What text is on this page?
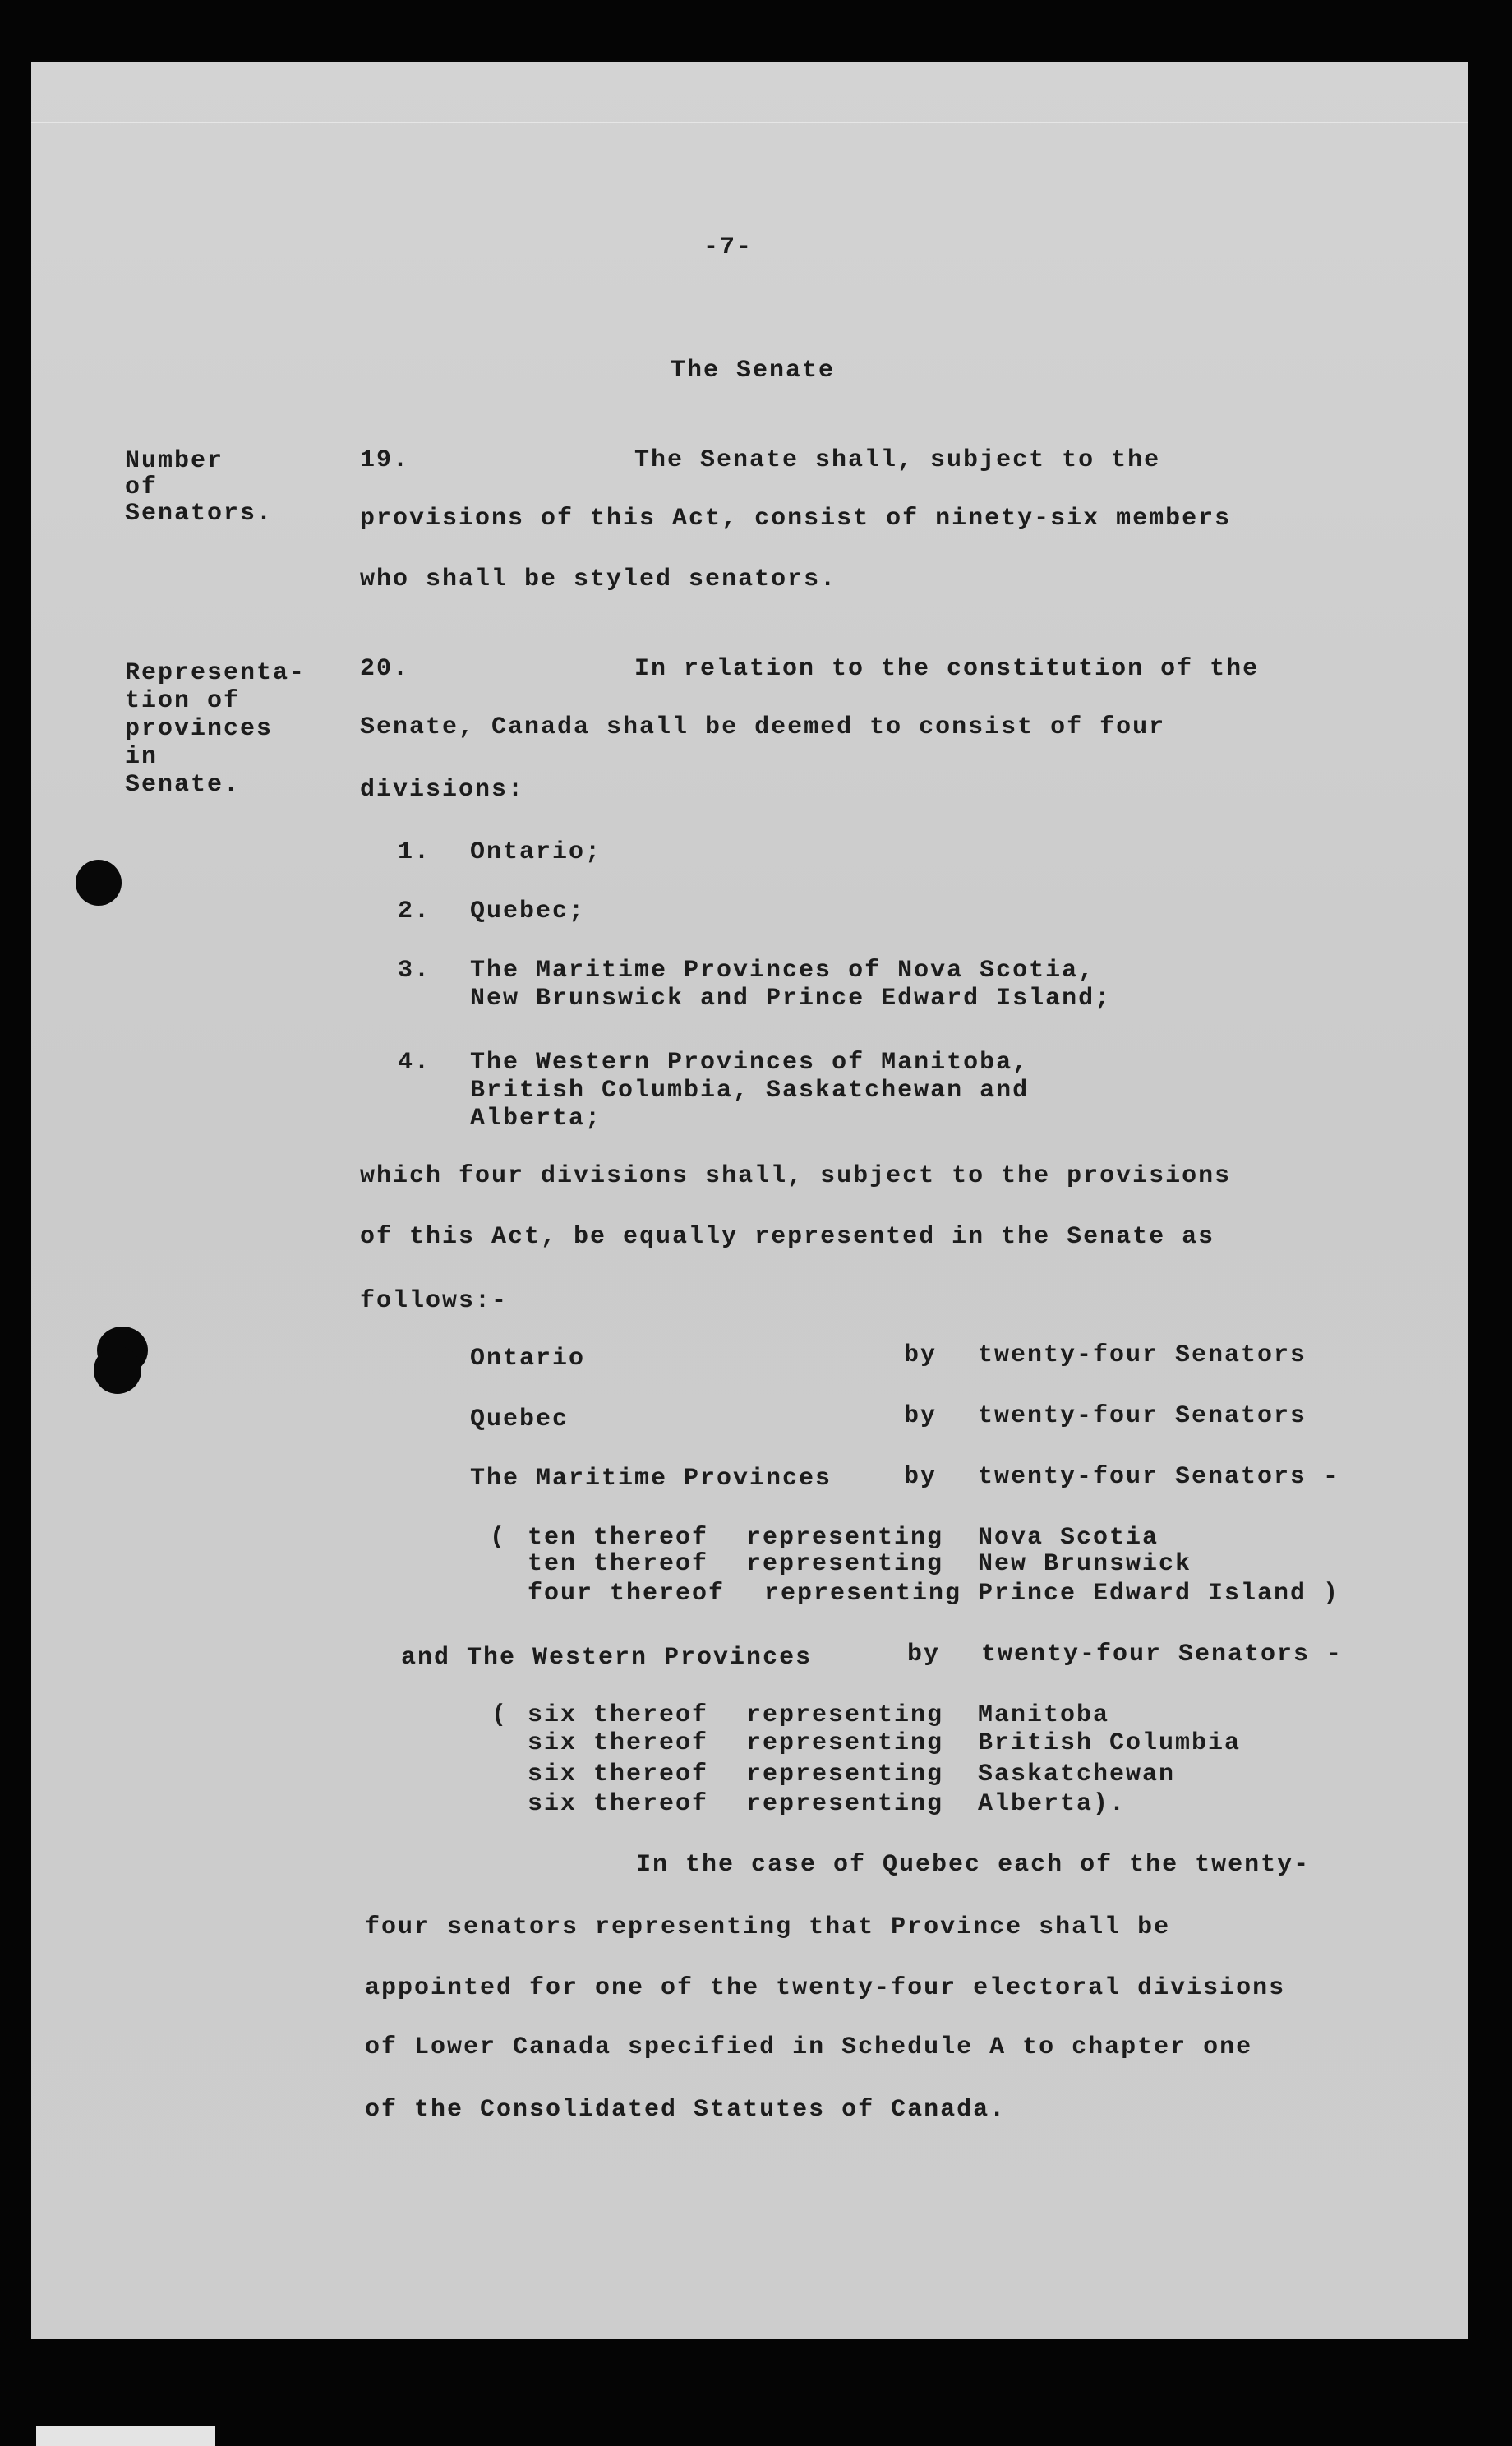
-7-
The Senate
Number
of
Senators.
19.	The Senate shall, subject to the
provisions of this Act, consist of ninety-six members
who shall be styled senators.
Representa-
tion of
provinces
in
Senate.
20.	In relation to the constitution of the
Senate, Canada shall be deemed to consist of four
divisions:
1. Ontario;
2. Quebec;
3. The Maritime Provinces of Nova Scotia,
New Brunswick and Prince Edward Island;
4. The Western Provinces of Manitoba,
British Columbia, Saskatchewan and
Alberta;
which four divisions shall, subject to the provisions
of this Act, be equally represented in the Senate as
follows:-
Ontario	by twenty-four Senators
Quebec	by twenty-four Senators
The Maritime Provinces	by twenty-four Senators -
( ten thereof representing Nova Scotia
ten thereof representing New Brunswick
four thereof representing Prince Edward Island )
and The Western Provinces	by twenty-four Senators -
( six thereof representing Manitoba
six thereof representing British Columbia
six thereof representing Saskatchewan
six thereof representing Alberta).
In the case of Quebec each of the twenty-
four senators representing that Province shall be
appointed for one of the twenty-four electoral divisions
of Lower Canada specified in Schedule A to chapter one
of the Consolidated Statutes of Canada.
